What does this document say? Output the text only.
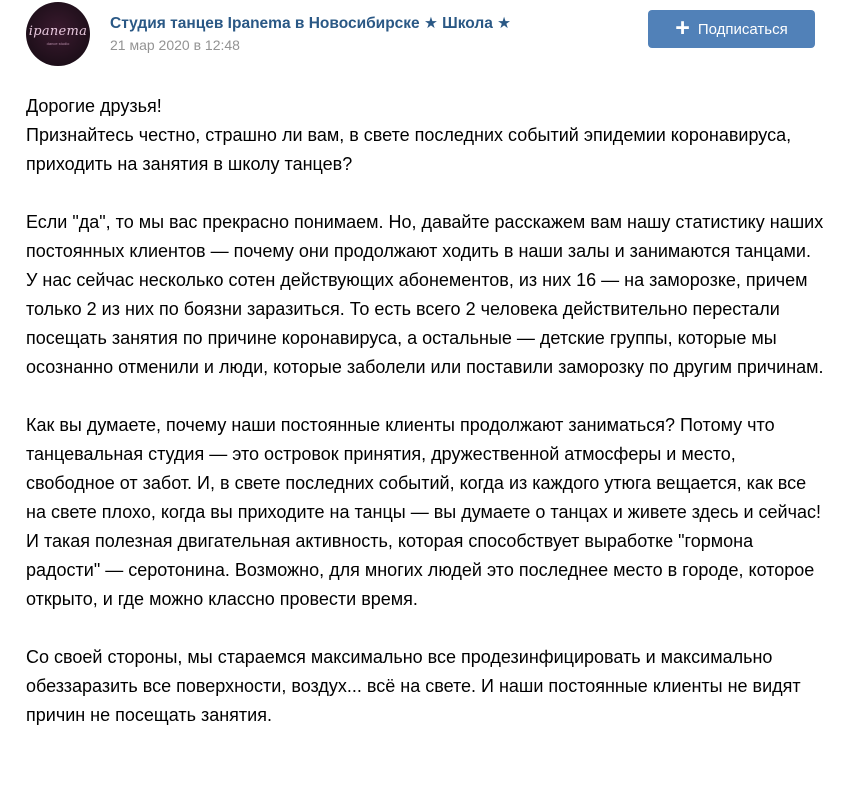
ipanema
dance studio
Студия танцев Ipanema в Новосибирске ★ Школа ★
21 мар 2020 в 12:48
+ Подписаться

Дорогие друзья!
Признайтесь честно, страшно ли вам, в свете последних событий эпидемии коронавируса, приходить на занятия в школу танцев?

Если "да", то мы вас прекрасно понимаем. Но, давайте расскажем вам нашу статистику наших постоянных клиентов — почему они продолжают ходить в наши залы и занимаются танцами. У нас сейчас несколько сотен действующих абонементов, из них 16 — на заморозке, причем только 2 из них по боязни заразиться. То есть всего 2 человека действительно перестали посещать занятия по причине коронавируса, а остальные — детские группы, которые мы осознанно отменили и люди, которые заболели или поставили заморозку по другим причинам.

Как вы думаете, почему наши постоянные клиенты продолжают заниматься? Потому что танцевальная студия — это островок принятия, дружественной атмосферы и место, свободное от забот. И, в свете последних событий, когда из каждого утюга вещается, как все на свете плохо, когда вы приходите на танцы — вы думаете о танцах и живете здесь и сейчас! И такая полезная двигательная активность, которая способствует выработке "гормона радости" — серотонина. Возможно, для многих людей это последнее место в городе, которое открыто, и где можно классно провести время.

Со своей стороны, мы стараемся максимально все продезинфицировать и максимально обеззаразить все поверхности, воздух... всё на свете. И наши постоянные клиенты не видят причин не посещать занятия.
